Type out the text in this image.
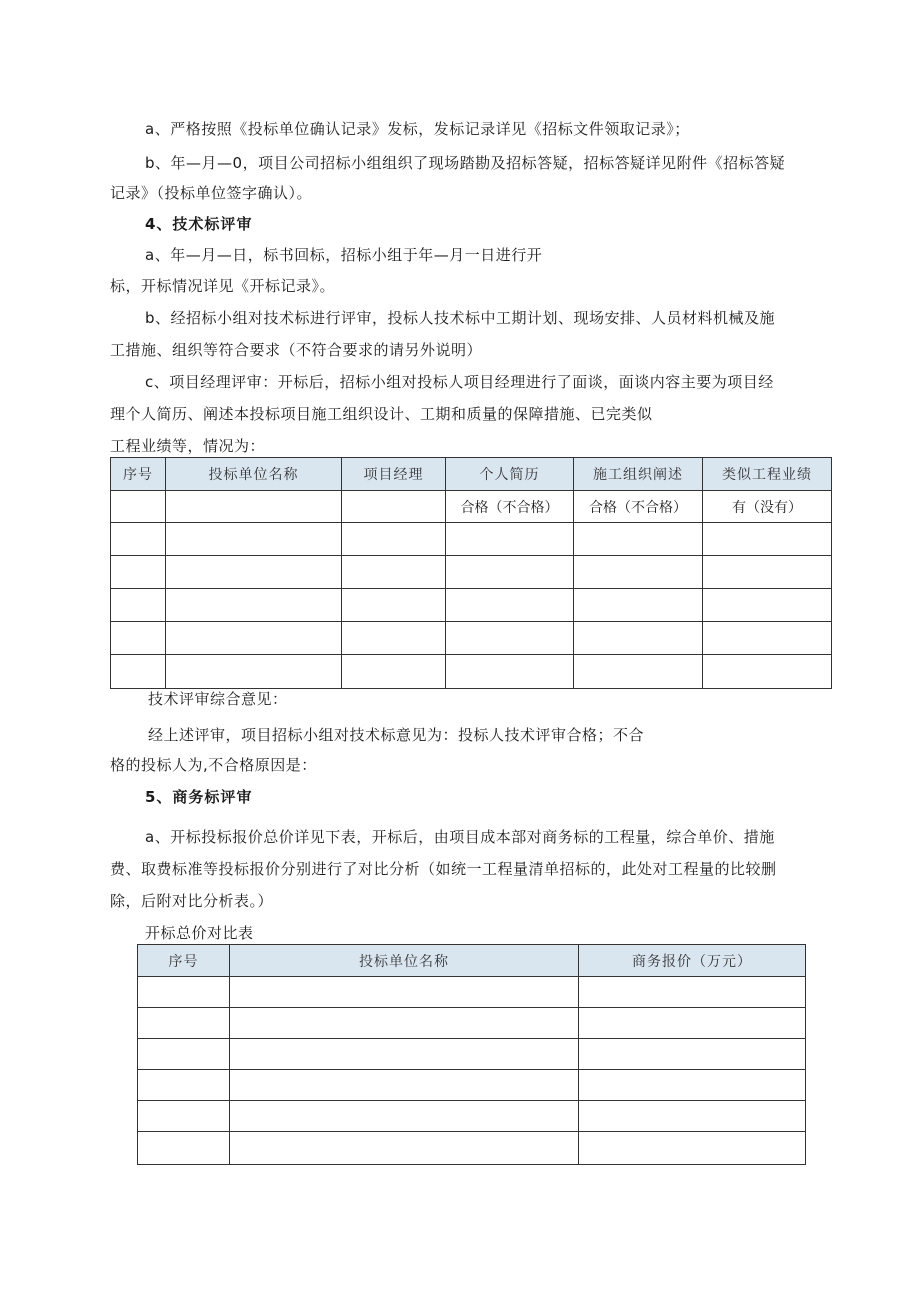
a、严格按照《投标单位确认记录》发标，发标记录详见《招标文件领取记录》；
b、年—月—0，项目公司招标小组组织了现场踏勘及招标答疑，招标答疑详见附件《招标答疑
记录》（投标单位签字确认）。
4、技术标评审
a、年—月—日，标书回标，招标小组于年—月一日进行开
标，开标情况详见《开标记录》。
b、经招标小组对技术标进行评审，投标人技术标中工期计划、现场安排、人员材料机械及施
工措施、组织等符合要求（不符合要求的请另外说明）
c、项目经理评审：开标后，招标小组对投标人项目经理进行了面谈，面谈内容主要为项目经
理个人简历、阐述本投标项目施工组织设计、工期和质量的保障措施、已完类似
工程业绩等，情况为：
序号	投标单位名称	项目经理	个人简历	施工组织阐述	类似工程业绩
			合格（不合格）	合格（不合格）	有（没有）

技术评审综合意见：
经上述评审，项目招标小组对技术标意见为：投标人技术评审合格；不合
格的投标人为,不合格原因是：
5、商务标评审
a、开标投标报价总价详见下表，开标后，由项目成本部对商务标的工程量，综合单价、措施
费、取费标准等投标报价分别进行了对比分析（如统一工程量清单招标的，此处对工程量的比较删
除，后附对比分析表。）
开标总价对比表
序号	投标单位名称	商务报价（万元）
